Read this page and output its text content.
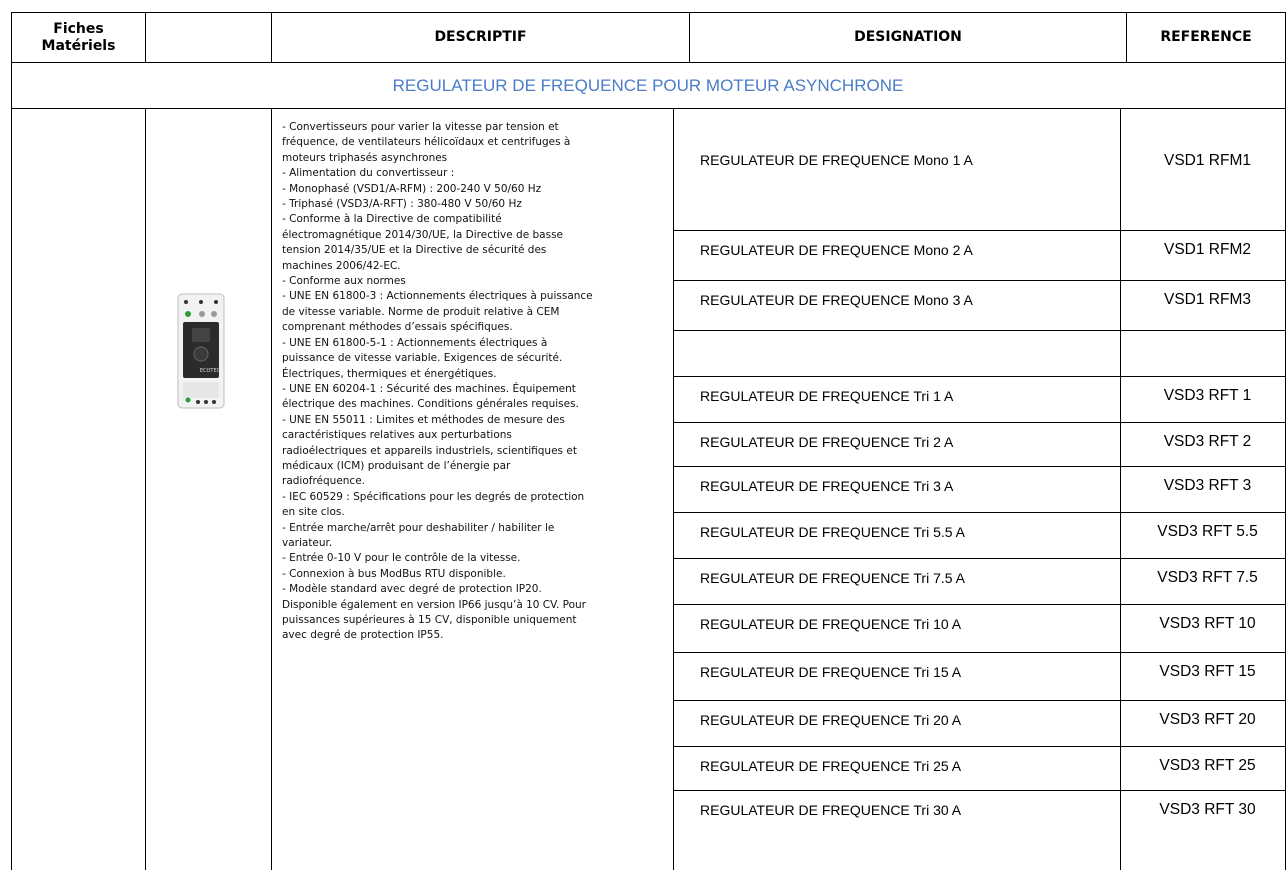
Fiches
Matériels
DESCRIPTIF	DESIGNATION	REFERENCE
REGULATEUR DE FREQUENCE POUR MOTEUR ASYNCHRONE
ECOTEC
- Convertisseurs pour varier la vitesse par tension et
fréquence, de ventilateurs hélicoïdaux et centrifuges à
moteurs triphasés asynchrones
- Alimentation du convertisseur :
- Monophasé (VSD1/A-RFM) : 200-240 V 50/60 Hz
- Triphasé (VSD3/A-RFT) : 380-480 V 50/60 Hz
- Conforme à la Directive de compatibilité
électromagnétique 2014/30/UE, la Directive de basse
tension 2014/35/UE et la Directive de sécurité des
machines 2006/42-EC.
- Conforme aux normes
- UNE EN 61800-3 : Actionnements électriques à puissance
de vitesse variable. Norme de produit relative à CEM
comprenant méthodes d’essais spécifiques.
- UNE EN 61800-5-1 : Actionnements électriques à
puissance de vitesse variable. Exigences de sécurité.
Électriques, thermiques et énergétiques.
- UNE EN 60204-1 : Sécurité des machines. Équipement
électrique des machines. Conditions générales requises.
- UNE EN 55011 : Limites et méthodes de mesure des
caractéristiques relatives aux perturbations
radioélectriques et appareils industriels, scientifiques et
médicaux (ICM) produisant de l’énergie par
radiofréquence.
- IEC 60529 : Spécifications pour les degrés de protection
en site clos.
- Entrée marche/arrêt pour deshabiliter / habiliter le
variateur.
- Entrée 0-10 V pour le contrôle de la vitesse.
- Connexion à bus ModBus RTU disponible.
- Modèle standard avec degré de protection IP20.
Disponible également en version IP66 jusqu’à 10 CV. Pour
puissances supérieures à 15 CV, disponible uniquement
avec degré de protection IP55.
REGULATEUR DE FREQUENCE Mono 1 A	VSD1 RFM1
REGULATEUR DE FREQUENCE Mono 2 A	VSD1 RFM2
REGULATEUR DE FREQUENCE Mono 3 A	VSD1 RFM3
REGULATEUR DE FREQUENCE Tri 1 A	VSD3 RFT 1
REGULATEUR DE FREQUENCE Tri 2 A	VSD3 RFT 2
REGULATEUR DE FREQUENCE Tri 3 A	VSD3 RFT 3
REGULATEUR DE FREQUENCE Tri 5.5 A	VSD3 RFT 5.5
REGULATEUR DE FREQUENCE Tri 7.5 A	VSD3 RFT 7.5
REGULATEUR DE FREQUENCE Tri 10 A	VSD3 RFT 10
REGULATEUR DE FREQUENCE Tri 15 A	VSD3 RFT 15
REGULATEUR DE FREQUENCE Tri 20 A	VSD3 RFT 20
REGULATEUR DE FREQUENCE Tri 25 A	VSD3 RFT 25
REGULATEUR DE FREQUENCE Tri 30 A	VSD3 RFT 30
